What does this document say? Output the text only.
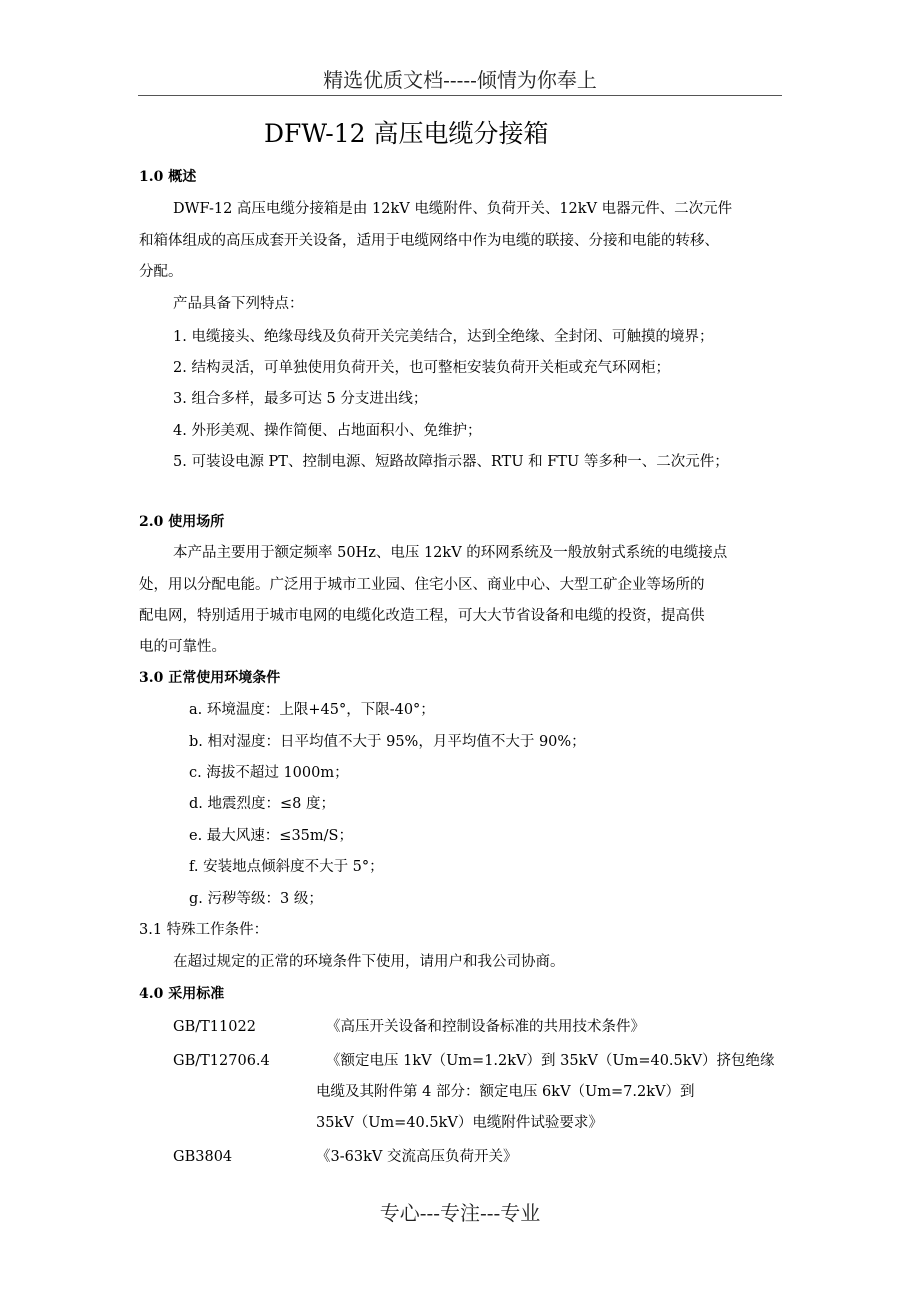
精选优质文档-----倾情为你奉上
DFW-12 高压电缆分接箱
1.0 概述
DWF-12 高压电缆分接箱是由 12kV 电缆附件、负荷开关、12kV 电器元件、二次元件
和箱体组成的高压成套开关设备，适用于电缆网络中作为电缆的联接、分接和电能的转移、
分配。
产品具备下列特点：
1. 电缆接头、绝缘母线及负荷开关完美结合，达到全绝缘、全封闭、可触摸的境界；
2. 结构灵活，可单独使用负荷开关，也可整柜安装负荷开关柜或充气环网柜；
3. 组合多样，最多可达 5 分支进出线；
4. 外形美观、操作简便、占地面积小、免维护；
5. 可装设电源 PT、控制电源、短路故障指示器、RTU 和 FTU 等多种一、二次元件；
2.0 使用场所
本产品主要用于额定频率 50Hz、电压 12kV 的环网系统及一般放射式系统的电缆接点
处，用以分配电能。广泛用于城市工业园、住宅小区、商业中心、大型工矿企业等场所的
配电网，特别适用于城市电网的电缆化改造工程，可大大节省设备和电缆的投资，提高供
电的可靠性。
3.0 正常使用环境条件
a. 环境温度：上限+45°，下限-40°；
b. 相对湿度：日平均值不大于 95%，月平均值不大于 90%；
c. 海拔不超过 1000m；
d. 地震烈度：≤8 度；
e. 最大风速：≤35m/S；
f. 安装地点倾斜度不大于 5°；
g. 污秽等级：3 级；
3.1 特殊工作条件：
在超过规定的正常的环境条件下使用，请用户和我公司协商。
4.0 采用标准
GB/T11022	《高压开关设备和控制设备标准的共用技术条件》
GB/T12706.4	《额定电压 1kV（Um=1.2kV）到 35kV（Um=40.5kV）挤包绝缘
电缆及其附件第 4 部分：额定电压 6kV（Um=7.2kV）到
35kV（Um=40.5kV）电缆附件试验要求》
GB3804	《3-63kV 交流高压负荷开关》
专心---专注---专业
